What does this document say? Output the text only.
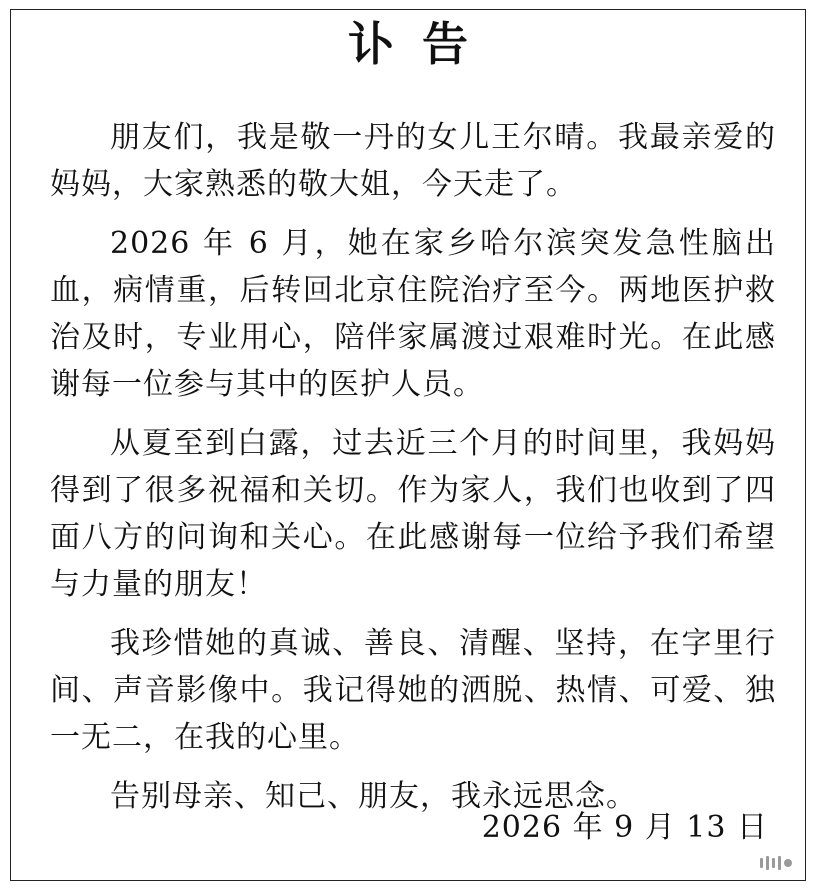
讣告

朋友们，我是敬一丹的女儿王尔晴。我最亲爱的妈妈，大家熟悉的敬大姐，今天走了。

2026 年 6 月，她在家乡哈尔滨突发急性脑出血，病情重，后转回北京住院治疗至今。两地医护救治及时，专业用心，陪伴家属渡过艰难时光。在此感谢每一位参与其中的医护人员。

从夏至到白露，过去近三个月的时间里，我妈妈得到了很多祝福和关切。作为家人，我们也收到了四面八方的问询和关心。在此感谢每一位给予我们希望与力量的朋友！

我珍惜她的真诚、善良、清醒、坚持，在字里行间、声音影像中。我记得她的洒脱、热情、可爱、独一无二，在我的心里。

告别母亲、知己、朋友，我永远思念。

2026 年 9 月 13 日
